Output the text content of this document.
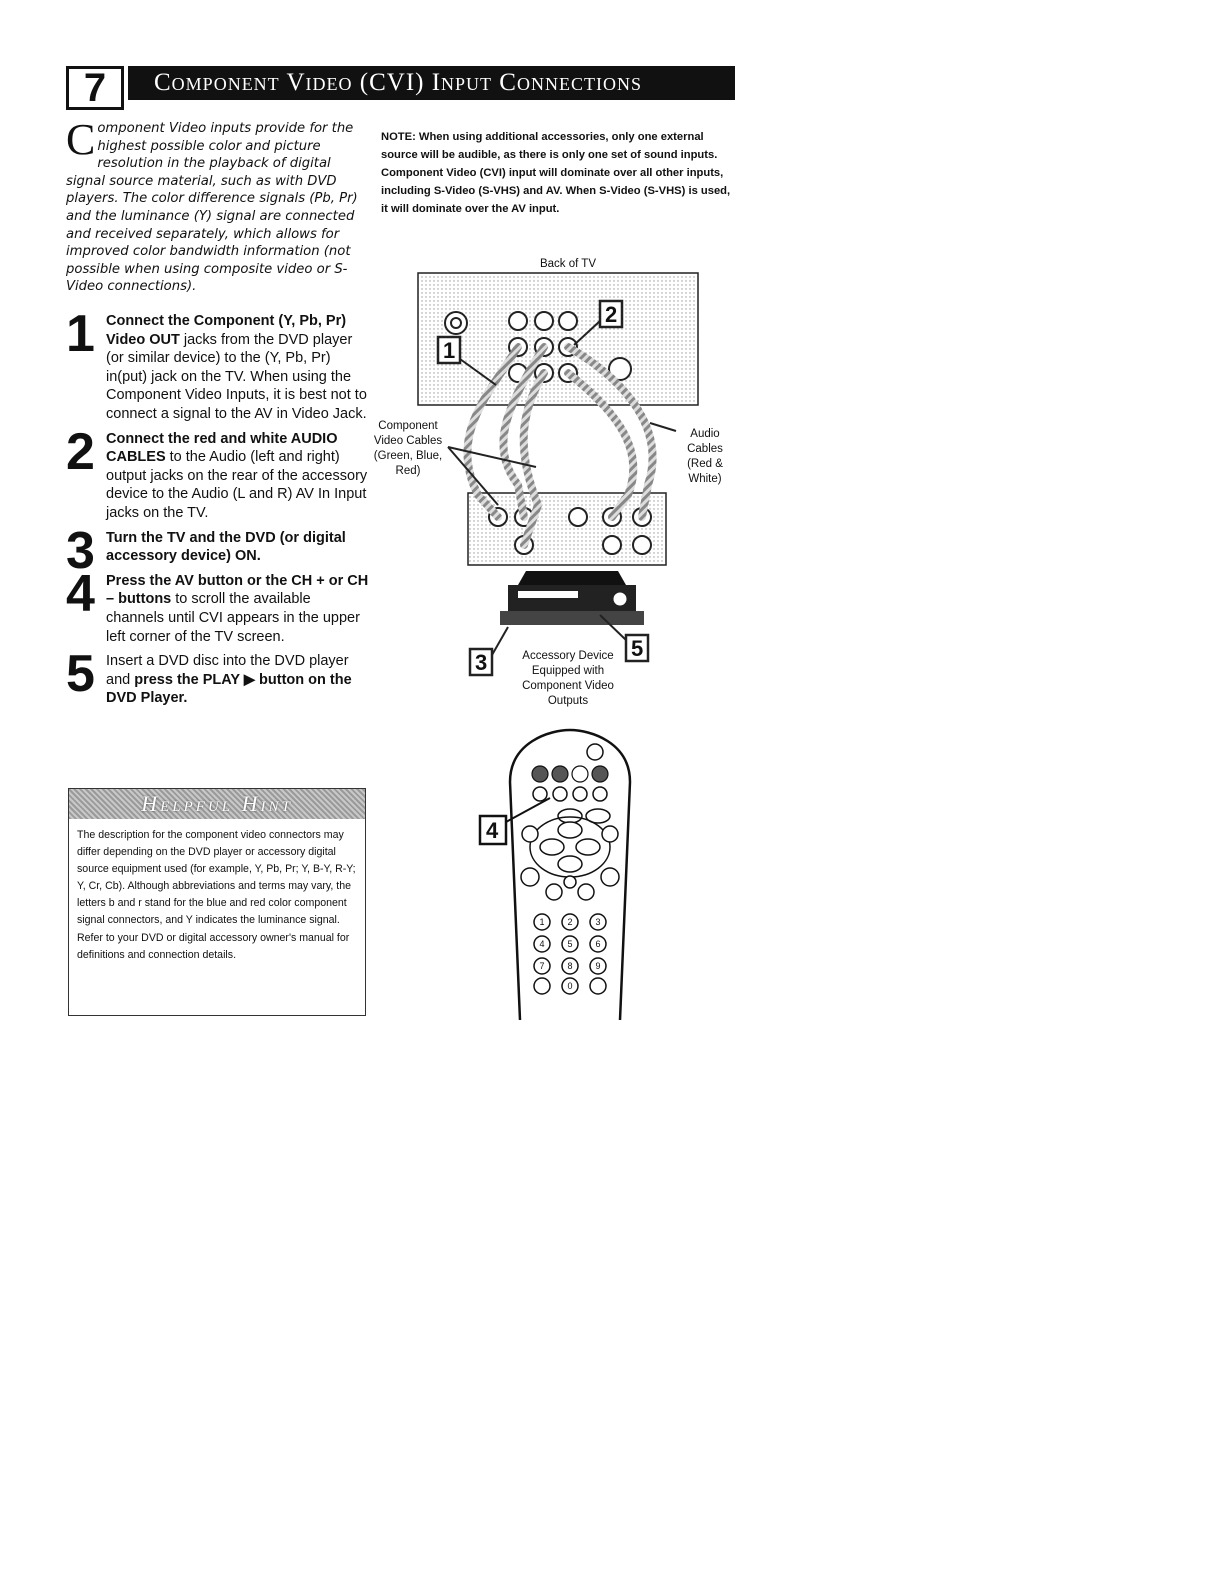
7	Component Video (CVI) Input Connections
Component Video inputs provide for the highest possible color and picture resolution in the playback of digital signal source material, such as with DVD players. The color difference signals (Pb, Pr) and the luminance (Y) signal are connected and received separately, which allows for improved color bandwidth information (not possible when using composite video or S-Video connections).
1 Connect the Component (Y, Pb, Pr) Video OUT jacks from the DVD player (or similar device) to the (Y, Pb, Pr) in(put) jack on the TV. When using the Component Video Inputs, it is best not to connect a signal to the AV in Video Jack.
2 Connect the red and white AUDIO CABLES to the Audio (left and right) output jacks on the rear of the accessory device to the Audio (L and R) AV In Input jacks on the TV.
3 Turn the TV and the DVD (or digital accessory device) ON.
4 Press the AV button or the CH + or CH – buttons to scroll the available channels until CVI appears in the upper left corner of the TV screen.
5 Insert a DVD disc into the DVD player and press the PLAY ▶ button on the DVD Player.
Helpful Hint
The description for the component video connectors may differ depending on the DVD player or accessory digital source equipment used (for example, Y, Pb, Pr; Y, B-Y, R-Y; Y, Cr, Cb). Although abbreviations and terms may vary, the letters b and r stand for the blue and red color component signal connectors, and Y indicates the luminance signal. Refer to your DVD or digital accessory owner's manual for definitions and connection details.
NOTE: When using additional accessories, only one external source will be audible, as there is only one set of sound inputs. Component Video (CVI) input will dominate over all other inputs, including S-Video (S-VHS) and AV. When S-Video (S-VHS) is used, it will dominate over the AV input.
Back of TV
1
2
3
5
Component
Video Cables
(Green, Blue,
Red)
Audio
Cables
(Red &
White)
Accessory Device
Equipped with
Component Video
Outputs
1	2	3
4	5	6
7	8	9
0
4
